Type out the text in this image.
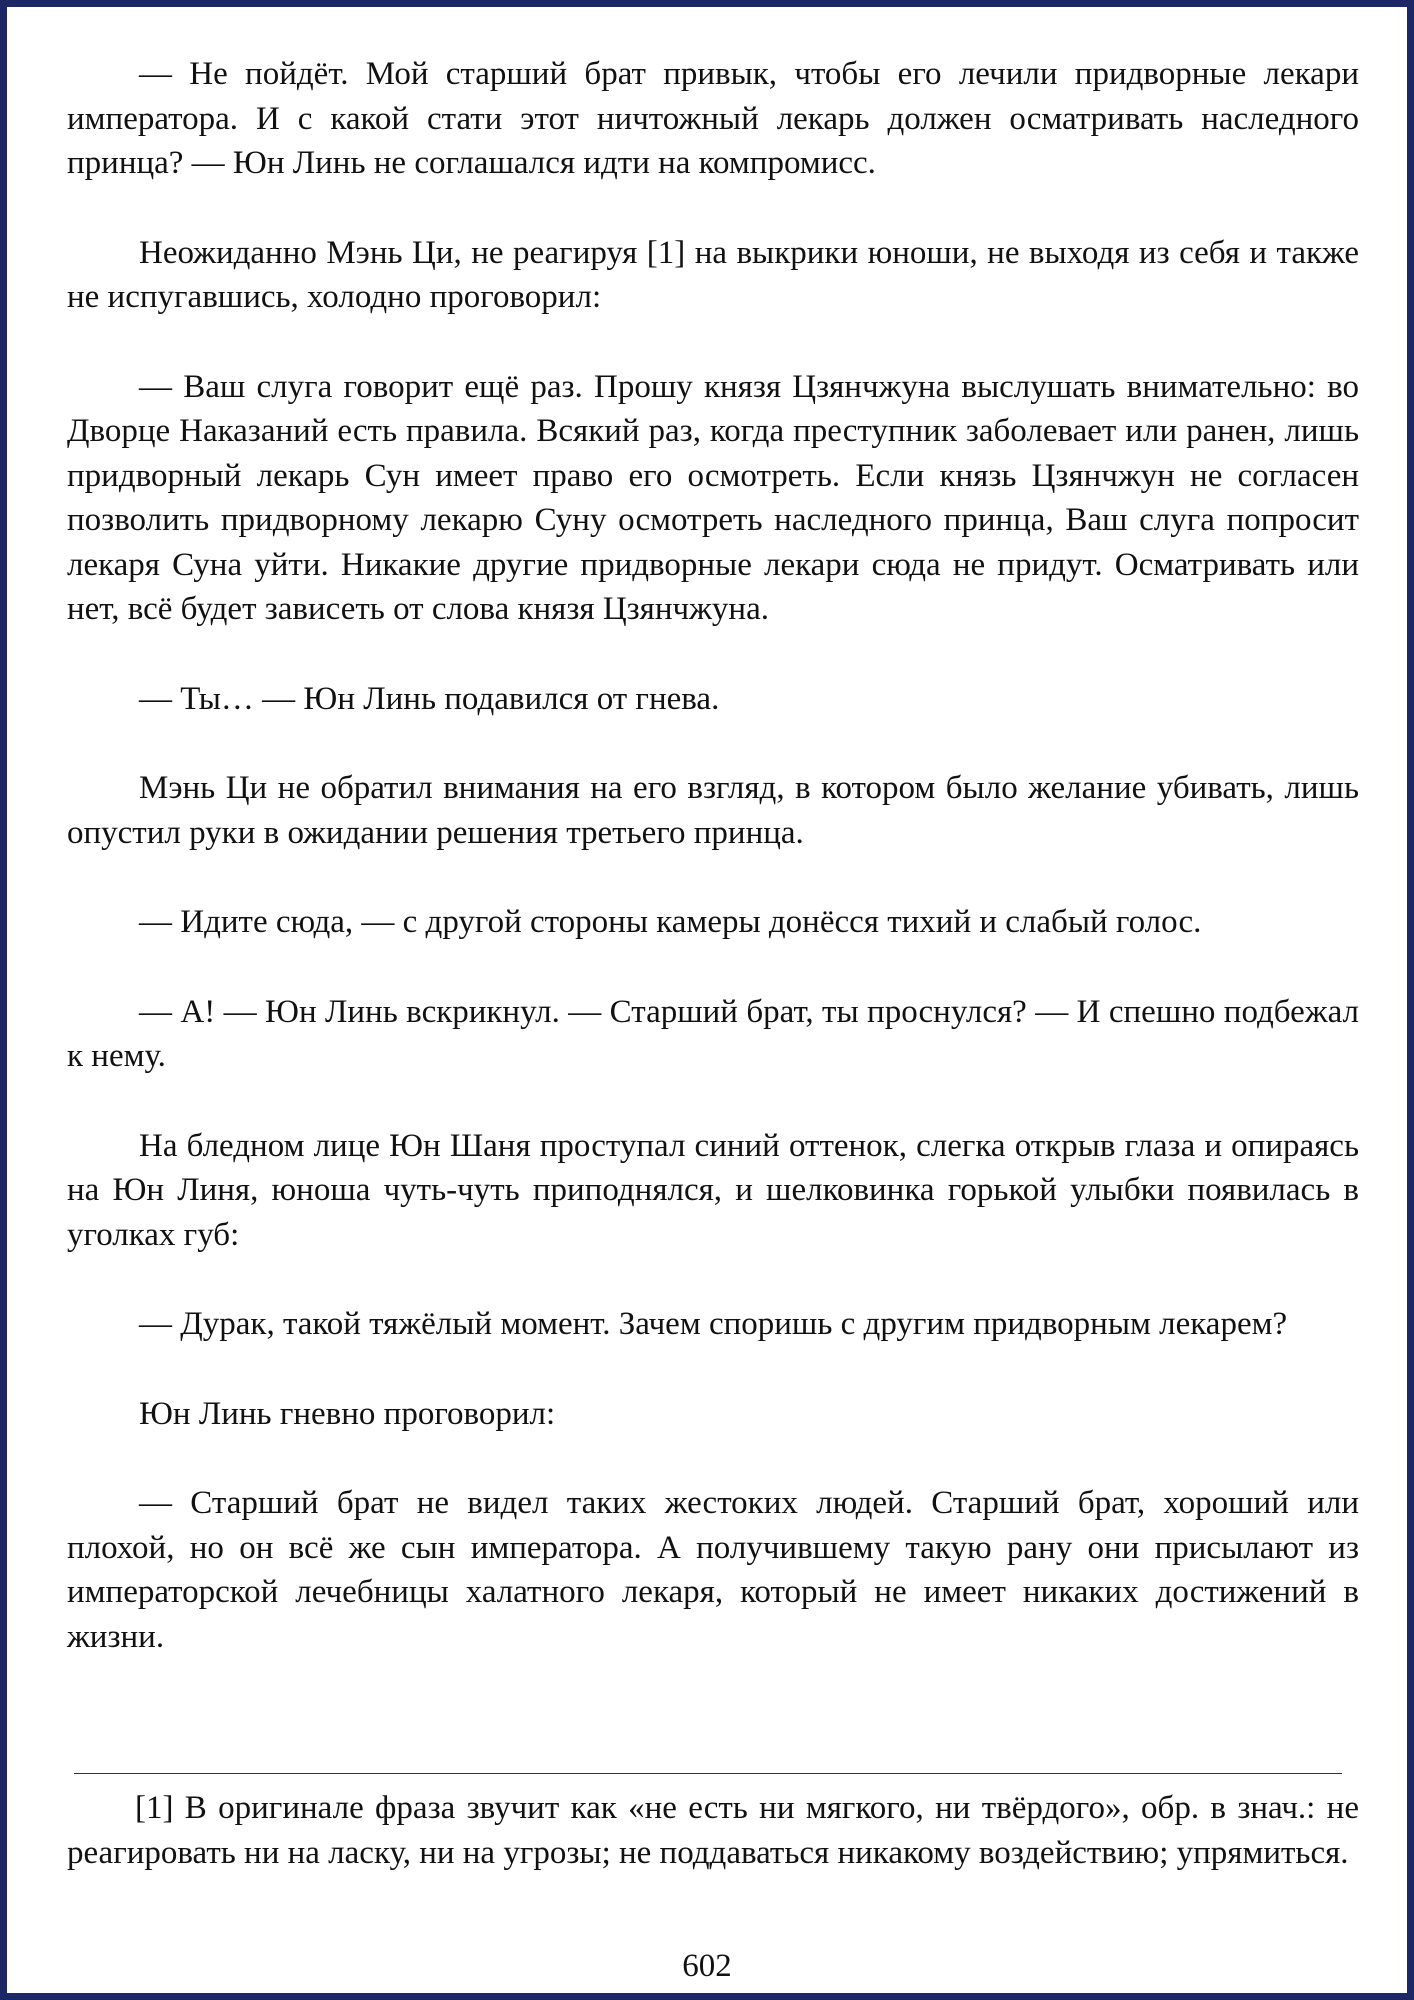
— Не пойдёт. Мой старший брат привык, чтобы его лечили придворные лекари императора. И с какой стати этот ничтожный лекарь должен осматривать наследного принца? — Юн Линь не соглашался идти на компромисс.

Неожиданно Мэнь Ци, не реагируя [1] на выкрики юноши, не выходя из себя и также не испугавшись, холодно проговорил:

— Ваш слуга говорит ещё раз. Прошу князя Цзянчжуна выслушать внимательно: во Дворце Наказаний есть правила. Всякий раз, когда преступник заболевает или ранен, лишь придворный лекарь Сун имеет право его осмотреть. Если князь Цзянчжун не согласен позволить придворному лекарю Суну осмотреть наследного принца, Ваш слуга попросит лекаря Суна уйти. Никакие другие придворные лекари сюда не придут. Осматривать или нет, всё будет зависеть от слова князя Цзянчжуна.

— Ты… — Юн Линь подавился от гнева.

Мэнь Ци не обратил внимания на его взгляд, в котором было желание убивать, лишь опустил руки в ожидании решения третьего принца.

— Идите сюда, — с другой стороны камеры донёсся тихий и слабый голос.

— А! — Юн Линь вскрикнул. — Старший брат, ты проснулся? — И спешно подбежал к нему.

На бледном лице Юн Шаня проступал синий оттенок, слегка открыв глаза и опираясь на Юн Линя, юноша чуть-чуть приподнялся, и шелковинка горькой улыбки появилась в уголках губ:

— Дурак, такой тяжёлый момент. Зачем споришь с другим придворным лекарем?

Юн Линь гневно проговорил:

— Старший брат не видел таких жестоких людей. Старший брат, хороший или плохой, но он всё же сын императора. А получившему такую рану они присылают из императорской лечебницы халатного лекаря, который не имеет никаких достижений в жизни.

[1] В оригинале фраза звучит как «не есть ни мягкого, ни твёрдого», обр. в знач.: не реагировать ни на ласку, ни на угрозы; не поддаваться никакому воздействию; упрямиться.

602
